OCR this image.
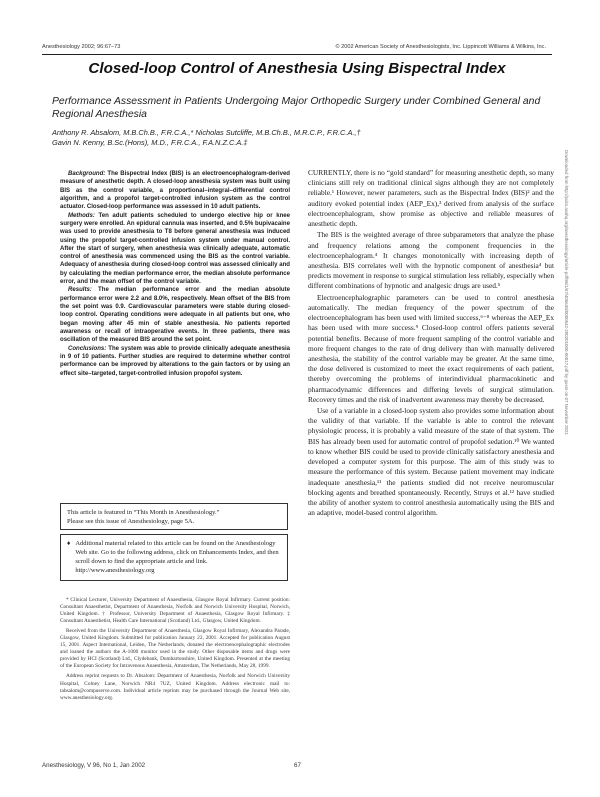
Anesthesiology 2002; 96:67–73	© 2002 American Society of Anesthesiologists, Inc. Lippincott Williams & Wilkins, Inc.
Closed-loop Control of Anesthesia Using Bispectral Index
Performance Assessment in Patients Undergoing Major Orthopedic Surgery under Combined General and Regional Anesthesia
Anthony R. Absalom, M.B.Ch.B., F.R.C.A.,* Nicholas Sutcliffe, M.B.Ch.B., M.R.C.P., F.R.C.A.,†
Gavin N. Kenny, B.Sc.(Hons), M.D., F.R.C.A., F.A.N.Z.C.A.‡

Background: The Bispectral Index (BIS) is an electroencephalogram-derived measure of anesthetic depth. A closed-loop anesthesia system was built using BIS as the control variable, a proportional–integral–differential control algorithm, and a propofol target-controlled infusion system as the control actuator. Closed-loop performance was assessed in 10 adult patients.

Methods: Ten adult patients scheduled to undergo elective hip or knee surgery were enrolled. An epidural cannula was inserted, and 0.5% bupivacaine was used to provide anesthesia to T8 before general anesthesia was induced using the propofol target-controlled infusion system under manual control. After the start of surgery, when anesthesia was clinically adequate, automatic control of anesthesia was commenced using the BIS as the control variable. Adequacy of anesthesia during closed-loop control was assessed clinically and by calculating the median performance error, the median absolute performance error, and the mean offset of the control variable.

Results: The median performance error and the median absolute performance error were 2.2 and 8.0%, respectively. Mean offset of the BIS from the set point was 0.9. Cardiovascular parameters were stable during closed-loop control. Operating conditions were adequate in all patients but one, who began moving after 45 min of stable anesthesia. No patients reported awareness or recall of intraoperative events. In three patients, there was oscillation of the measured BIS around the set point.

Conclusions: The system was able to provide clinically adequate anesthesia in 9 of 10 patients. Further studies are required to determine whether control performance can be improved by alterations to the gain factors or by using an effect site–targeted, target-controlled infusion propofol system.

This article is featured in “This Month in Anesthesiology.”

Please see this issue of Anesthesiology, page 5A.

♦ Additional material related to this article can be found on the Anesthesiology Web site. Go to the following address, click on Enhancements Index, and then scroll down to find the appropriate article and link. http://www.anesthesiology.org

* Clinical Lecturer, University Department of Anaesthesia, Glasgow Royal Infirmary. Current position: Consultant Anaesthetist, Department of Anaesthesia, Norfolk and Norwich University Hospital, Norwich, United Kingdom. † Professor, University Department of Anaesthesia, Glasgow Royal Infirmary. ‡ Consultant Anaesthetist, Health Care International (Scotland) Ltd., Glasgow, United Kingdom.

Received from the University Department of Anaesthesia, Glasgow Royal Infirmary, Alexandra Parade, Glasgow, United Kingdom. Submitted for publication January 22, 2001. Accepted for publication August 15, 2001. Aspect International, Leiden, The Netherlands, donated the electroencephalographic electrodes and loaned the authors the A-1000 monitor used in the study. Other disposable items and drugs were provided by HCI (Scotland) Ltd., Clydebank, Dumbartonshire, United Kingdom. Presented at the meeting of the European Society for Intravenous Anaesthesia, Amsterdam, The Netherlands, May 28, 1999.

Address reprint requests to Dr. Absalom: Department of Anaesthesia, Norfolk and Norwich University Hospital, Colney Lane, Norwich NR4 7UZ, United Kingdom. Address electronic mail to: tabsalom@compuserve.com. Individual article reprints may be purchased through the Journal Web site, www.anesthesiology.org.

CURRENTLY, there is no “gold standard” for measuring anesthetic depth, so many clinicians still rely on traditional clinical signs although they are not completely reliable.¹ However, newer parameters, such as the Bispectral Index (BIS)² and the auditory evoked potential index (AEP_Ex),³ derived from analysis of the surface electroencephalogram, show promise as objective and reliable measures of anesthetic depth.

The BIS is the weighted average of three subparameters that analyze the phase and frequency relations among the component frequencies in the electroencephalogram.⁴ It changes monotonically with increasing depth of anesthesia. BIS correlates well with the hypnotic component of anesthesia⁴ but predicts movement in response to surgical stimulation less reliably, especially when different combinations of hypnotic and analgesic drugs are used.⁵

Electroencephalographic parameters can be used to control anesthesia automatically. The median frequency of the power spectrum of the electroencephalogram has been used with limited success,⁶⁻⁸ whereas the AEP_Ex has been used with more success.⁹ Closed-loop control offers patients several potential benefits. Because of more frequent sampling of the control variable and more frequent changes to the rate of drug delivery than with manually delivered anesthesia, the stability of the control variable may be greater. At the same time, the dose delivered is customized to meet the exact requirements of each patient, thereby overcoming the problems of interindividual pharmacokinetic and pharmacodynamic differences and differing levels of surgical stimulation. Recovery times and the risk of inadvertent awareness may thereby be decreased.

Use of a variable in a closed-loop system also provides some information about the validity of that variable. If the variable is able to control the relevant physiologic process, it is probably a valid measure of the state of that system. The BIS has already been used for automatic control of propofol sedation.¹⁰ We wanted to know whether BIS could be used to provide clinically satisfactory anesthesia and developed a computer system for this purpose. The aim of this study was to measure the performance of this system. Because patient movement may indicate inadequate anesthesia,¹¹ the patients studied did not receive neuromuscular blocking agents and breathed spontaneously. Recently, Struys et al.¹² have studied the ability of another system to control anesthesia automatically using the BIS and an adaptive, model-based control algorithm.

Anesthesiology, V 96, No 1, Jan 2002	67
Downloaded from http://pubs.asahq.org/anesthesiology/article-pdf/96/1/67/405638/0000542-200201000-00017.pdf by guest on 07 November 2021
